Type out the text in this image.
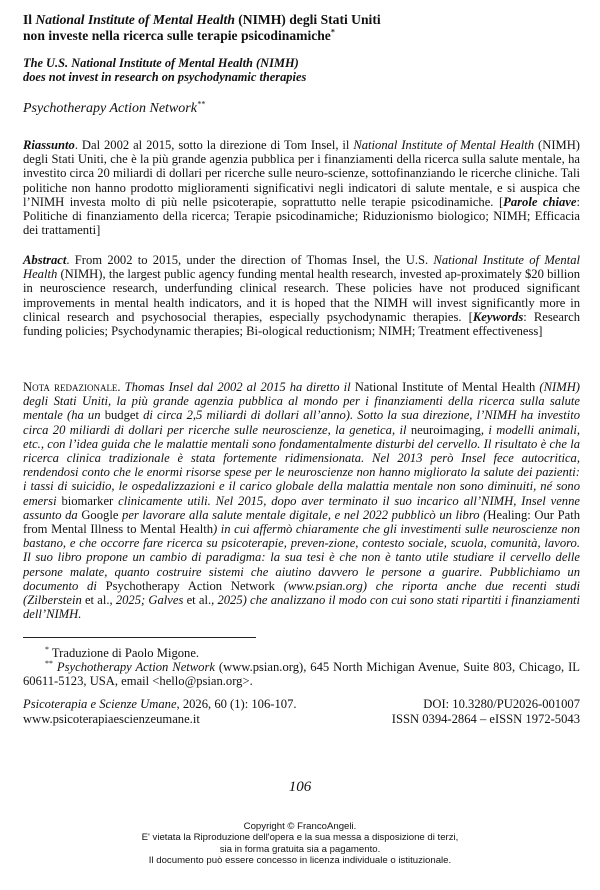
Il National Institute of Mental Health (NIMH) degli Stati Uniti
non investe nella ricerca sulle terapie psicodinamiche*
The U.S. National Institute of Mental Health (NIMH)
does not invest in research on psychodynamic therapies
Psychotherapy Action Network**
Riassunto. Dal 2002 al 2015, sotto la direzione di Tom Insel, il National Institute of Mental Health (NIMH) degli Stati Uniti, che è la più grande agenzia pubblica per i finanziamenti della ricerca sulla salute mentale, ha investito circa 20 miliardi di dollari per ricerche sulle neuro-scienze, sottofinanziando le ricerche cliniche. Tali politiche non hanno prodotto miglioramenti significativi negli indicatori di salute mentale, e si auspica che l’NIMH investa molto di più nelle psicoterapie, soprattutto nelle terapie psicodinamiche. [Parole chiave: Politiche di finanziamento della ricerca; Terapie psicodinamiche; Riduzionismo biologico; NIMH; Efficacia dei trattamenti]
Abstract. From 2002 to 2015, under the direction of Thomas Insel, the U.S. National Institute of Mental Health (NIMH), the largest public agency funding mental health research, invested ap-proximately $20 billion in neuroscience research, underfunding clinical research. These policies have not produced significant improvements in mental health indicators, and it is hoped that the NIMH will invest significantly more in clinical research and psychosocial therapies, especially psychodynamic therapies. [Keywords: Research funding policies; Psychodynamic therapies; Bi-ological reductionism; NIMH; Treatment effectiveness]
Nota redazionale. Thomas Insel dal 2002 al 2015 ha diretto il National Institute of Mental Health (NIMH) degli Stati Uniti, la più grande agenzia pubblica al mondo per i finanziamenti della ricerca sulla salute mentale (ha un budget di circa 2,5 miliardi di dollari all’anno). Sotto la sua direzione, l’NIMH ha investito circa 20 miliardi di dollari per ricerche sulle neuroscienze, la genetica, il neuroimaging, i modelli animali, etc., con l’idea guida che le malattie mentali sono fondamentalmente disturbi del cervello. Il risultato è che la ricerca clinica tradizionale è stata fortemente ridimensionata. Nel 2013 però Insel fece autocritica, rendendosi conto che le enormi risorse spese per le neuroscienze non hanno migliorato la salute dei pazienti: i tassi di suicidio, le ospedalizzazioni e il carico globale della malattia mentale non sono diminuiti, né sono emersi biomarker clinicamente utili. Nel 2015, dopo aver terminato il suo incarico all’NIMH, Insel venne assunto da Google per lavorare alla salute mentale digitale, e nel 2022 pubblicò un libro (Healing: Our Path from Mental Illness to Mental Health) in cui affermò chiaramente che gli investimenti sulle neuroscienze non bastano, e che occorre fare ricerca su psicoterapie, preven-zione, contesto sociale, scuola, comunità, lavoro. Il suo libro propone un cambio di paradigma: la sua tesi è che non è tanto utile studiare il cervello delle persone malate, quanto costruire sistemi che aiutino davvero le persone a guarire. Pubblichiamo un documento di Psychotherapy Action Network (www.psian.org) che riporta anche due recenti studi (Zilberstein et al., 2025; Galves et al., 2025) che analizzano il modo con cui sono stati ripartiti i finanziamenti dell’NIMH.
* Traduzione di Paolo Migone.
** Psychotherapy Action Network (www.psian.org), 645 North Michigan Avenue, Suite 803, Chicago, IL 60611-5123, USA, email <hello@psian.org>.
Psicoterapia e Scienze Umane, 2026, 60 (1): 106-107.	DOI: 10.3280/PU2026-001007
www.psicoterapiaescienzeumane.it	ISSN 0394-2864 – eISSN 1972-5043
106
Copyright © FrancoAngeli.
E' vietata la Riproduzione dell'opera e la sua messa a disposizione di terzi,
sia in forma gratuita sia a pagamento.
Il documento può essere concesso in licenza individuale o istituzionale.
